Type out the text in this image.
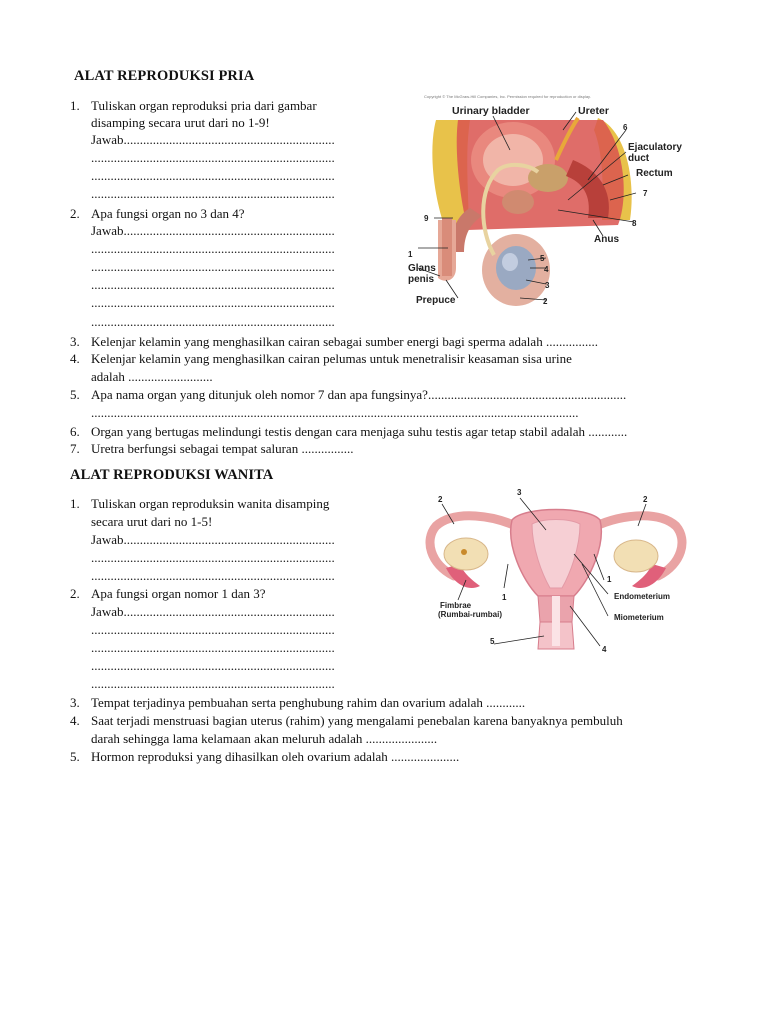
ALAT REPRODUKSI PRIA
1. Tuliskan organ reproduksi pria dari gambar
disamping secara urut dari no 1-9!
Jawab.................................................................
...........................................................................
...........................................................................
...........................................................................
2. Apa fungsi organ no 3 dan 4?
Jawab.................................................................
...........................................................................
...........................................................................
...........................................................................
...........................................................................
...........................................................................
3. Kelenjar kelamin yang menghasilkan cairan sebagai sumber energi bagi sperma adalah ................
4. Kelenjar kelamin yang menghasilkan cairan pelumas untuk menetralisir keasaman sisa urine
adalah ..........................
5. Apa nama organ yang ditunjuk oleh nomor 7 dan apa fungsinya?.............................................................
......................................................................................................................................................
6. Organ yang bertugas melindungi testis dengan cara menjaga suhu testis agar tetap stabil adalah ............
7. Uretra berfungsi sebagai tempat saluran ................
Copyright © The McGraw-Hill Companies, Inc. Permission required for reproduction or display.
Urinary bladder	Ureter
Ejaculatory
duct
Rectum
Anus
Glans
penis
Prepuce
6
7
8
9
1	5
4
3
2
ALAT REPRODUKSI WANITA
1. Tuliskan organ reproduksin wanita disamping
secara urut dari no 1-5!
Jawab.................................................................
...........................................................................
...........................................................................
2. Apa fungsi organ nomor 1 dan 3?
Jawab.................................................................
...........................................................................
...........................................................................
...........................................................................
...........................................................................
3. Tempat terjadinya pembuahan serta penghubung rahim dan ovarium adalah ............
4. Saat terjadi menstruasi bagian uterus (rahim) yang mengalami penebalan karena banyaknya pembuluh
darah sehingga lama kelamaan akan meluruh adalah ......................
5. Hormon reproduksi yang dihasilkan oleh ovarium adalah .....................
2
3
2
1
1
Endometerium
Miometerium
4
5
Fimbrae
(Rumbai-rumbai)
